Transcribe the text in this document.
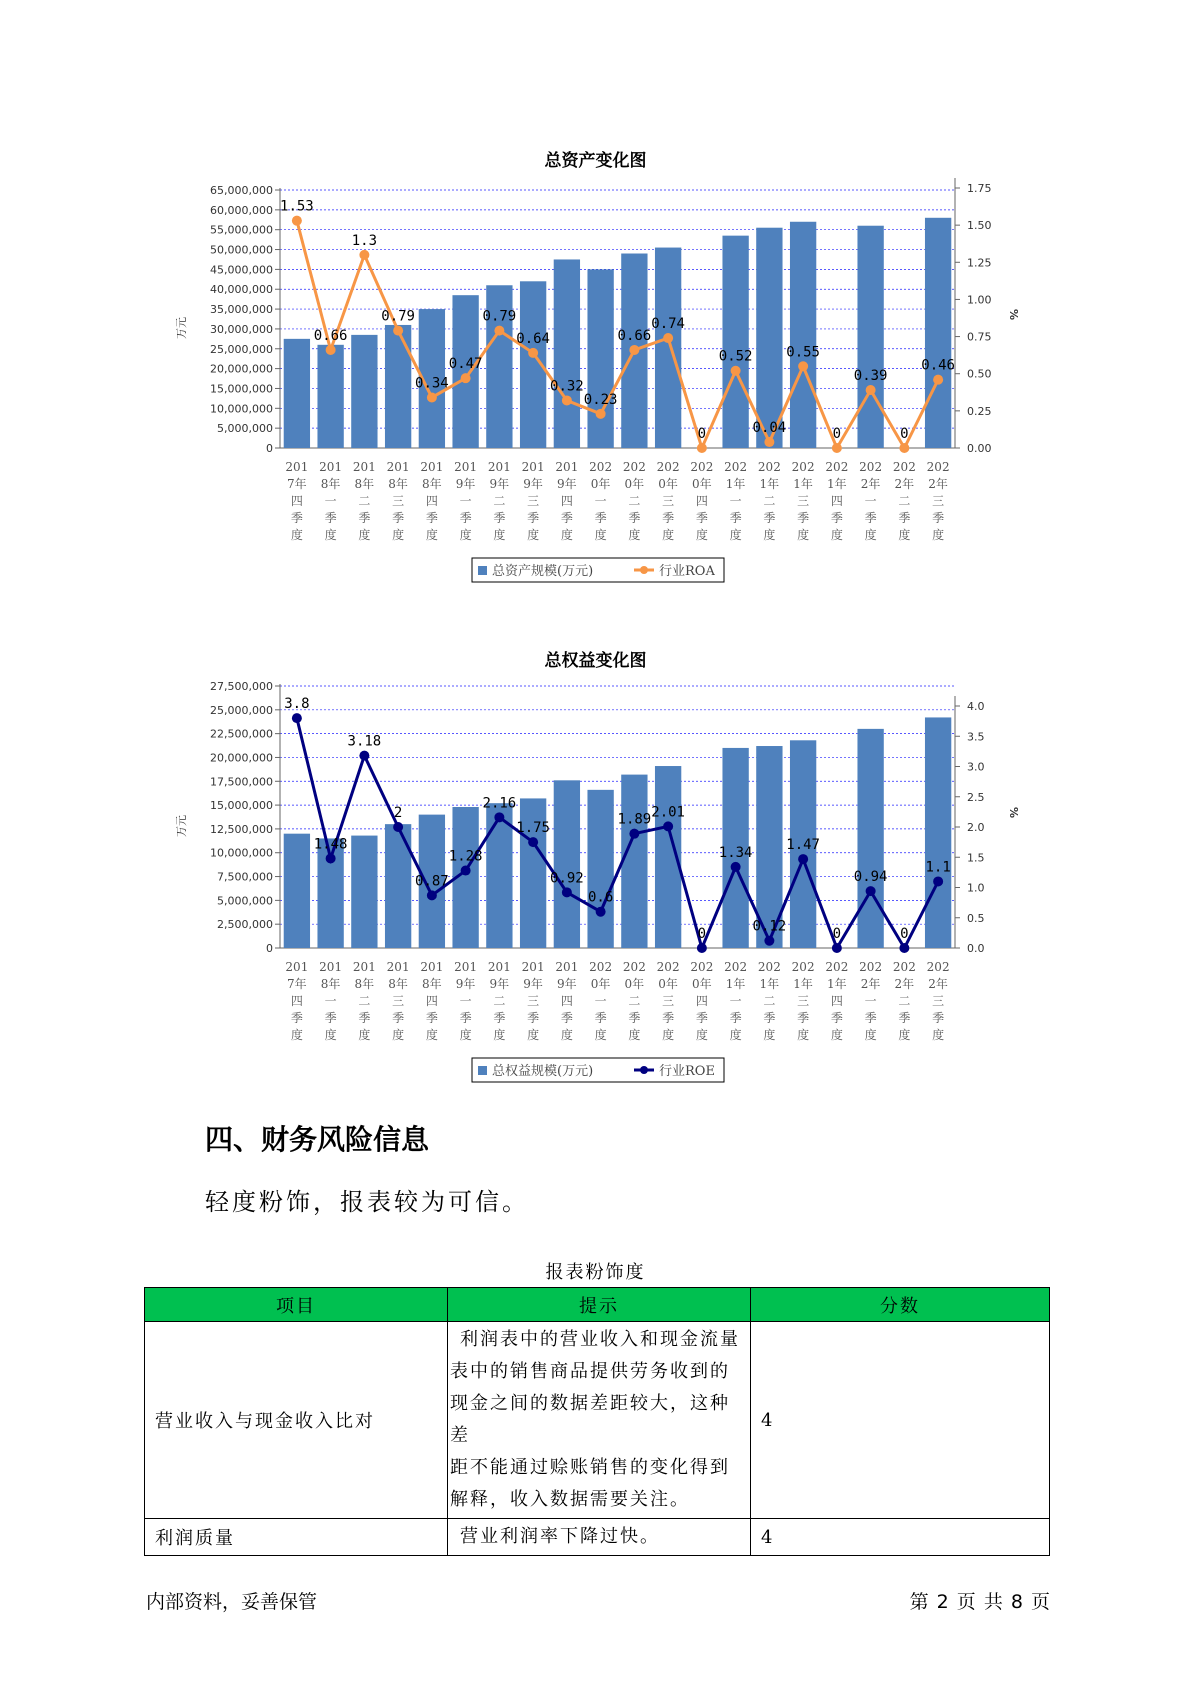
总资产变化图
0
5,000,000
10,000,000
15,000,000
20,000,000
25,000,000
30,000,000
35,000,000
40,000,000
45,000,000
50,000,000
55,000,000
60,000,000
65,000,000
0.00
0.25
0.50
0.75
1.00
1.25
1.50
1.75
万元
%
1.53
0.66
1.3
0.79
0.34
0.47
0.79
0.64
0.32
0.23
0.66
0.74
0
0.52
0.04
0.55
0
0.39
0
0.46
201
7年
四
季
度
201
8年
一
季
度
201
8年
二
季
度
201
8年
三
季
度
201
8年
四
季
度
201
9年
一
季
度
201
9年
二
季
度
201
9年
三
季
度
201
9年
四
季
度
202
0年
一
季
度
202
0年
二
季
度
202
0年
三
季
度
202
0年
四
季
度
202
1年
一
季
度
202
1年
二
季
度
202
1年
三
季
度
202
1年
四
季
度
202
2年
一
季
度
202
2年
二
季
度
202
2年
三
季
度
总资产规模(万元)	行业ROA
总权益变化图
0
2,500,000
5,000,000
7,500,000
10,000,000
12,500,000
15,000,000
17,500,000
20,000,000
22,500,000
25,000,000
27,500,000
0.0
0.5
1.0
1.5
2.0
2.5
3.0
3.5
4.0
万元
%
3.8
1.48
3.18
2
0.87
1.28
2.16
1.75
0.92
0.6
1.89 2.01
0
1.34
0.12
1.47
0
0.94
0
1.1
201
7年
四
季
度
201
8年
一
季
度
201
8年
二
季
度
201
8年
三
季
度
201
8年
四
季
度
201
9年
一
季
度
201
9年
二
季
度
201
9年
三
季
度
201
9年
四
季
度
202
0年
一
季
度
202
0年
二
季
度
202
0年
三
季
度
202
0年
四
季
度
202
1年
一
季
度
202
1年
二
季
度
202
1年
三
季
度
202
1年
四
季
度
202
2年
一
季
度
202
2年
二
季
度
202
2年
三
季
度
总权益规模(万元)	行业ROE
四、财务风险信息
轻度粉饰，报表较为可信。
报表粉饰度
项目	提示	分数
营业收入与现金收入比对	利润表中的营业收入和现金流量
表中的销售商品提供劳务收到的
现金之间的数据差距较大，这种差
距不能通过赊账销售的变化得到
解释，收入数据需要关注。	4
利润质量	营业利润率下降过快。	4
内部资料，妥善保管	第 2 页 共 8 页
